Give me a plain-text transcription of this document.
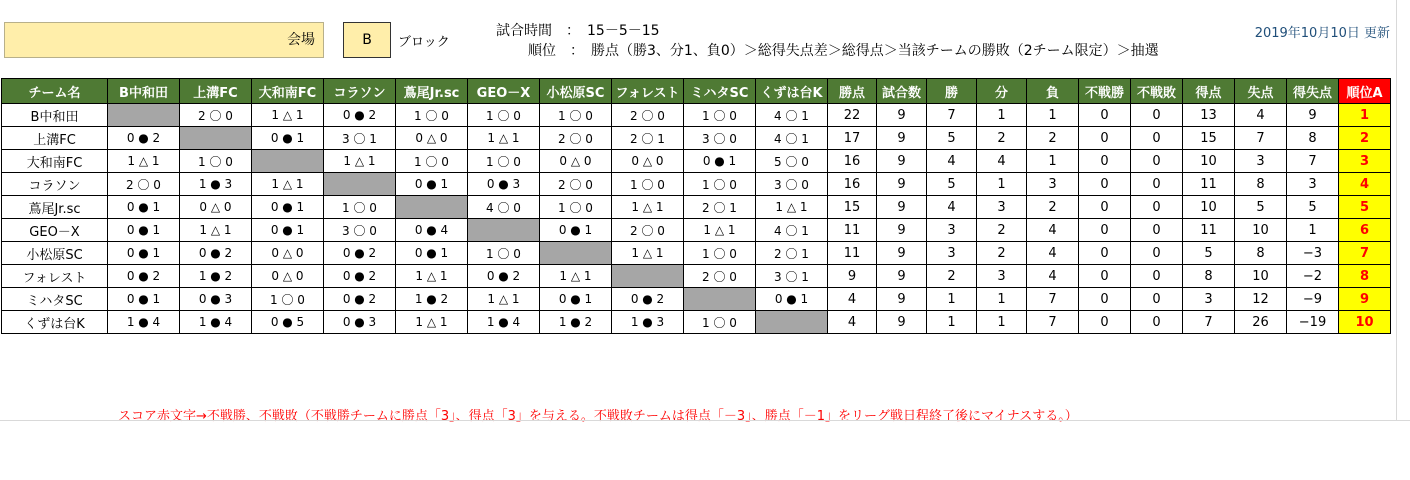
会場	B	ブロック
試合時間　：　15－5－15
順位　：　勝点（勝3、分1、負0）＞総得失点差＞総得点＞当該チームの勝敗（2チーム限定）＞抽選
2019年10月10日 更新
チーム名	B中和田	上溝FC	大和南FC	コラソン	蔦尾Jr.sc	GEO－X	小松原SC	フォレスト	ミハタSC	くずは台K	勝点	試合数	勝	分	負	不戦勝	不戦敗	得点	失点	得失点	順位A
B中和田		2 〇 0	1 △ 1	0 ● 2	1 〇 0	1 〇 0	1 〇 0	2 〇 0	1 〇 0	4 〇 1	22	9	7	1	1	0	0	13	4	9	1
上溝FC	0 ● 2		0 ● 1	3 〇 1	0 △ 0	1 △ 1	2 〇 0	2 〇 1	3 〇 0	4 〇 1	17	9	5	2	2	0	0	15	7	8	2
大和南FC	1 △ 1	1 〇 0		1 △ 1	1 〇 0	1 〇 0	0 △ 0	0 △ 0	0 ● 1	5 〇 0	16	9	4	4	1	0	0	10	3	7	3
コラソン	2 〇 0	1 ● 3	1 △ 1		0 ● 1	0 ● 3	2 〇 0	1 〇 0	1 〇 0	3 〇 0	16	9	5	1	3	0	0	11	8	3	4
蔦尾Jr.sc	0 ● 1	0 △ 0	0 ● 1	1 〇 0		4 〇 0	1 〇 0	1 △ 1	2 〇 1	1 △ 1	15	9	4	3	2	0	0	10	5	5	5
GEO－X	0 ● 1	1 △ 1	0 ● 1	3 〇 0	0 ● 4		0 ● 1	2 〇 0	1 △ 1	4 〇 1	11	9	3	2	4	0	0	11	10	1	6
小松原SC	0 ● 1	0 ● 2	0 △ 0	0 ● 2	0 ● 1	1 〇 0		1 △ 1	1 〇 0	2 〇 1	11	9	3	2	4	0	0	5	8	−3	7
フォレスト	0 ● 2	1 ● 2	0 △ 0	0 ● 2	1 △ 1	0 ● 2	1 △ 1		2 〇 0	3 〇 1	9	9	2	3	4	0	0	8	10	−2	8
ミハタSC	0 ● 1	0 ● 3	1 〇 0	0 ● 2	1 ● 2	1 △ 1	0 ● 1	0 ● 2		0 ● 1	4	9	1	1	7	0	0	3	12	−9	9
くずは台K	1 ● 4	1 ● 4	0 ● 5	0 ● 3	1 △ 1	1 ● 4	1 ● 2	1 ● 3	1 〇 0		4	9	1	1	7	0	0	7	26	−19	10
スコア赤文字→不戦勝、不戦敗（不戦勝チームに勝点「3」、得点「3」を与える。不戦敗チームは得点「－3」、勝点「－1」をリーグ戦日程終了後にマイナスする。）
